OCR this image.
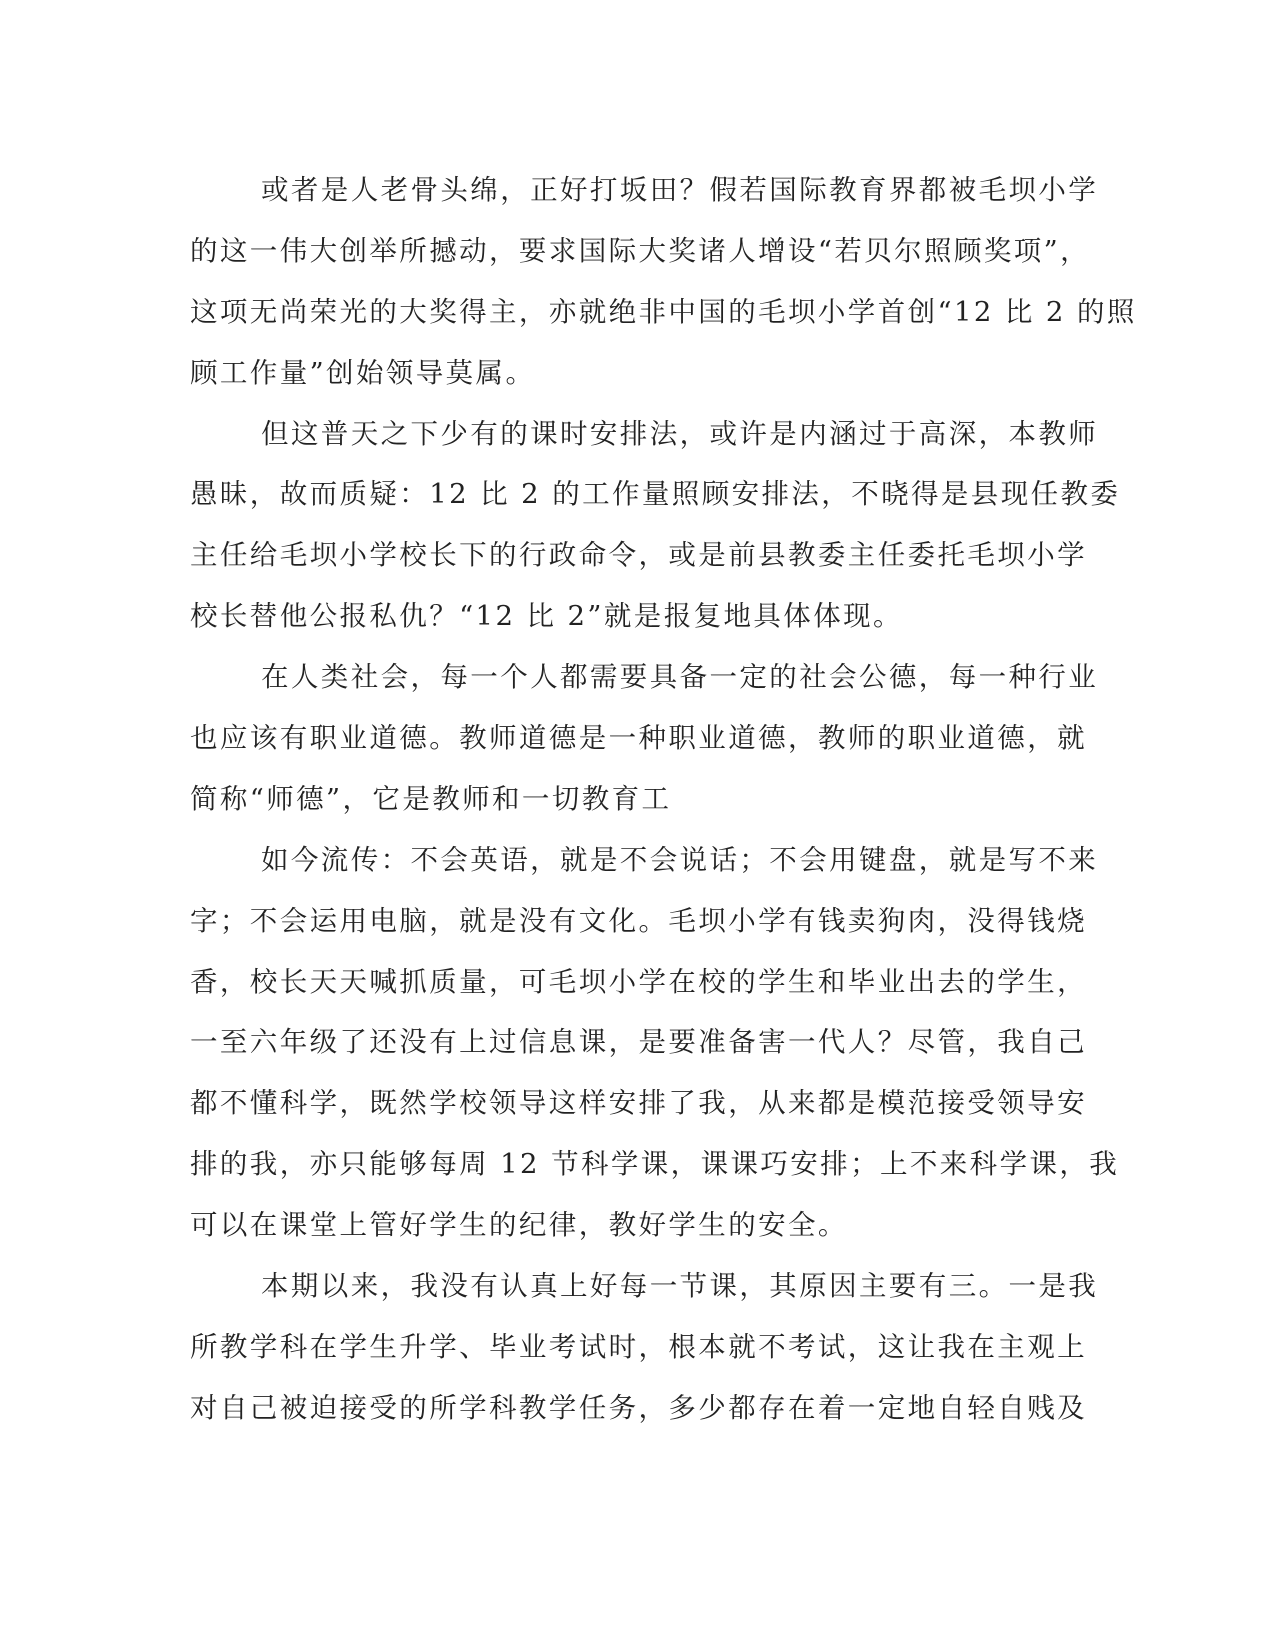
或者是人老骨头绵，正好打坂田？假若国际教育界都被毛坝小学
的这一伟大创举所撼动，要求国际大奖诸人增设“若贝尔照顾奖项”，
这项无尚荣光的大奖得主，亦就绝非中国的毛坝小学首创“12 比 2 的照
顾工作量”创始领导莫属。
但这普天之下少有的课时安排法，或许是内涵过于高深，本教师
愚昧，故而质疑：12 比 2 的工作量照顾安排法，不晓得是县现任教委
主任给毛坝小学校长下的行政命令，或是前县教委主任委托毛坝小学
校长替他公报私仇？“12 比 2”就是报复地具体体现。
在人类社会，每一个人都需要具备一定的社会公德，每一种行业
也应该有职业道德。教师道德是一种职业道德，教师的职业道德，就
简称“师德”，它是教师和一切教育工
如今流传：不会英语，就是不会说话；不会用键盘，就是写不来
字；不会运用电脑，就是没有文化。毛坝小学有钱卖狗肉，没得钱烧
香，校长天天喊抓质量，可毛坝小学在校的学生和毕业出去的学生，
一至六年级了还没有上过信息课，是要准备害一代人？尽管，我自己
都不懂科学，既然学校领导这样安排了我，从来都是模范接受领导安
排的我，亦只能够每周 12 节科学课，课课巧安排；上不来科学课，我
可以在课堂上管好学生的纪律，教好学生的安全。
本期以来，我没有认真上好每一节课，其原因主要有三。一是我
所教学科在学生升学、毕业考试时，根本就不考试，这让我在主观上
对自己被迫接受的所学科教学任务，多少都存在着一定地自轻自贱及
